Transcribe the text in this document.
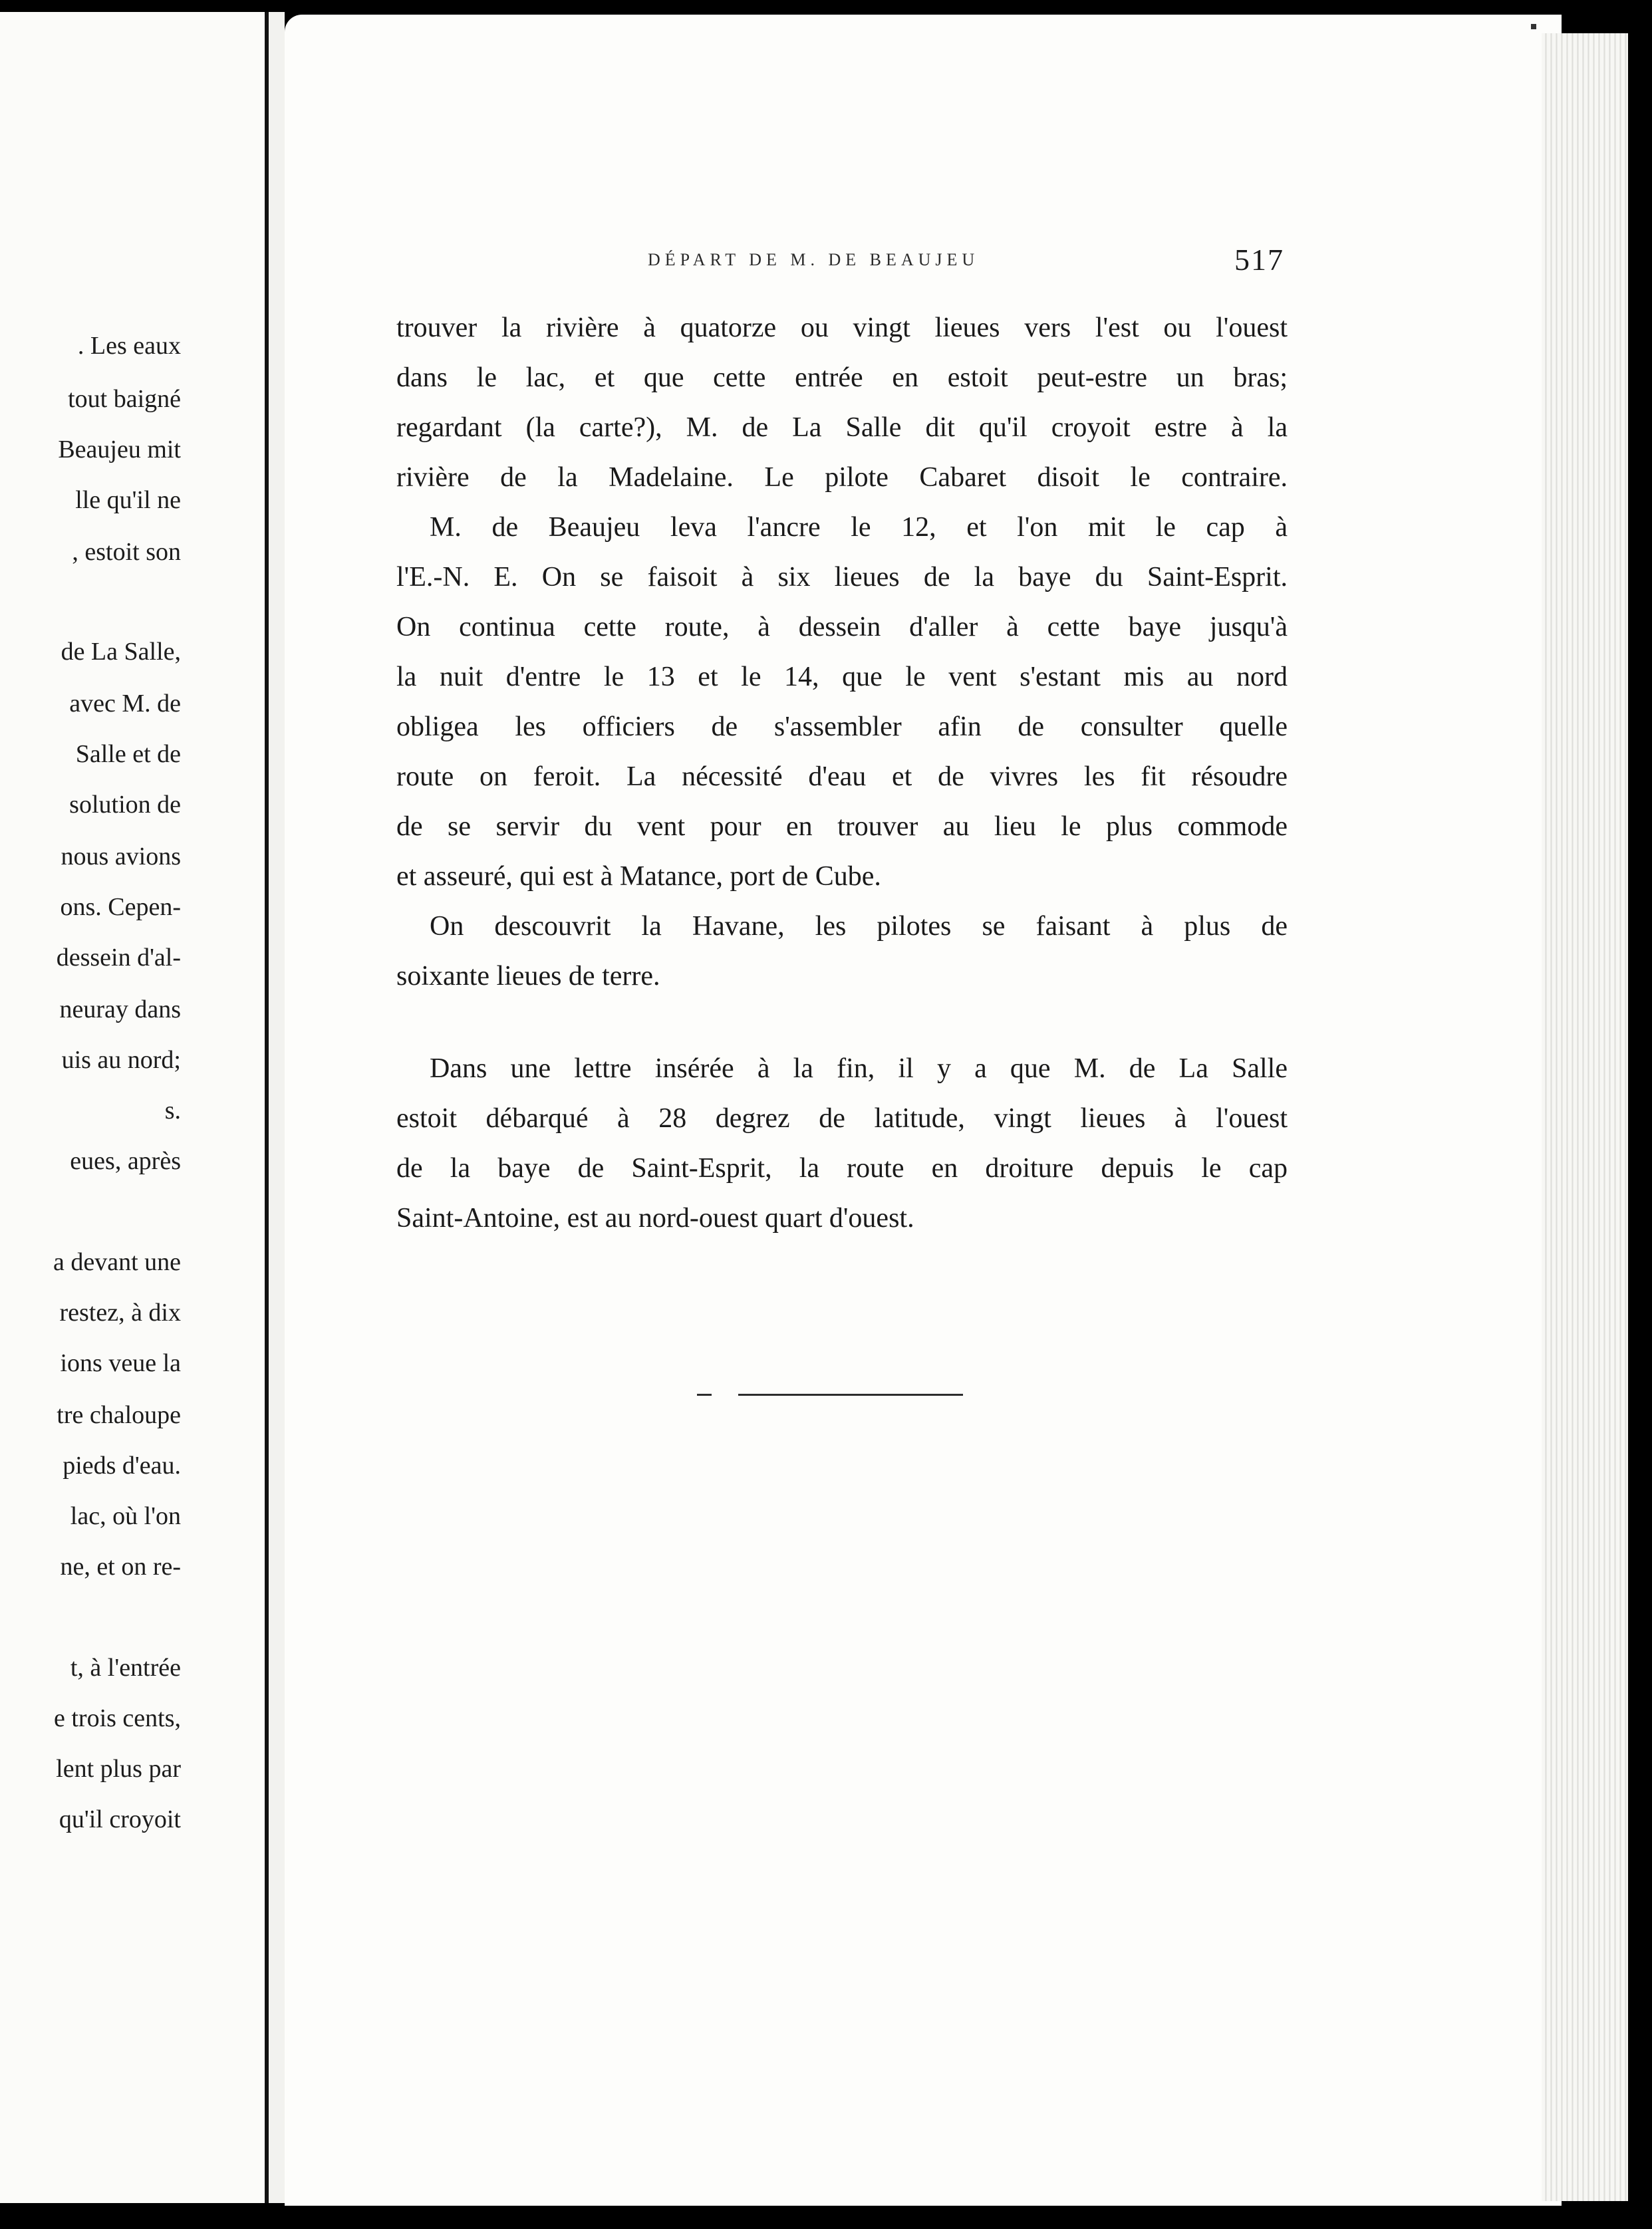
. Les eaux
tout baigné
Beaujeu mit
lle qu'il ne
, estoit son
de La Salle,
avec M. de
Salle et de
solution de
nous avions
ons. Cepen-
dessein d'al-
neuray dans
uis au nord;
s.
eues, après
a devant une
restez, à dix
ions veue la
tre chaloupe
pieds d'eau.
lac, où l'on
ne, et on re-
t, à l'entrée
e trois cents,
lent plus par
qu'il croyoit
DÉPART DE M. DE BEAUJEU	517
trouver la rivière à quatorze ou vingt lieues vers l'est ou l'ouest
dans le lac, et que cette entrée en estoit peut-estre un bras;
regardant (la carte?), M. de La Salle dit qu'il croyoit estre à la
rivière de la Madelaine. Le pilote Cabaret disoit le contraire.
M. de Beaujeu leva l'ancre le 12, et l'on mit le cap à
l'E.-N. E. On se faisoit à six lieues de la baye du Saint-Esprit.
On continua cette route, à dessein d'aller à cette baye jusqu'à
la nuit d'entre le 13 et le 14, que le vent s'estant mis au nord
obligea les officiers de s'assembler afin de consulter quelle
route on feroit. La nécessité d'eau et de vivres les fit résoudre
de se servir du vent pour en trouver au lieu le plus commode
et asseuré, qui est à Matance, port de Cube.
On descouvrit la Havane, les pilotes se faisant à plus de
soixante lieues de terre.
Dans une lettre insérée à la fin, il y a que M. de La Salle
estoit débarqué à 28 degrez de latitude, vingt lieues à l'ouest
de la baye de Saint-Esprit, la route en droiture depuis le cap
Saint-Antoine, est au nord-ouest quart d'ouest.
